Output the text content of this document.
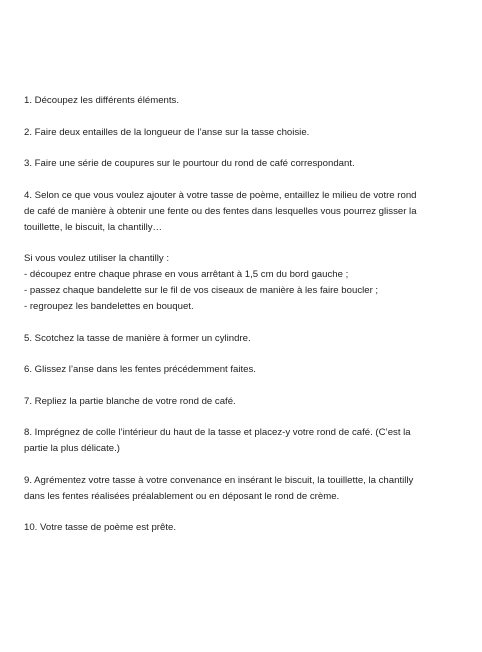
1. Découpez les différents éléments.
2. Faire deux entailles de la longueur de l’anse sur la tasse choisie.
3. Faire une série de coupures sur le pourtour du rond de café correspondant.
4. Selon ce que vous voulez ajouter à votre tasse de poème, entaillez le milieu de votre rond
de café de manière à obtenir une fente ou des fentes dans lesquelles vous pourrez glisser la
touillette, le biscuit, la chantilly…
Si vous voulez utiliser la chantilly :
- découpez entre chaque phrase en vous arrêtant à 1,5 cm du bord gauche ;
- passez chaque bandelette sur le fil de vos ciseaux de manière à les faire boucler ;
- regroupez les bandelettes en bouquet.
5. Scotchez la tasse de manière à former un cylindre.
6. Glissez l’anse dans les fentes précédemment faites.
7. Repliez la partie blanche de votre rond de café.
8. Imprégnez de colle l’intérieur du haut de la tasse et placez-y votre rond de café. (C’est la
partie la plus délicate.)
9. Agrémentez votre tasse à votre convenance en insérant le biscuit, la touillette, la chantilly
dans les fentes réalisées préalablement ou en déposant le rond de crème.
10. Votre tasse de poème est prête.
